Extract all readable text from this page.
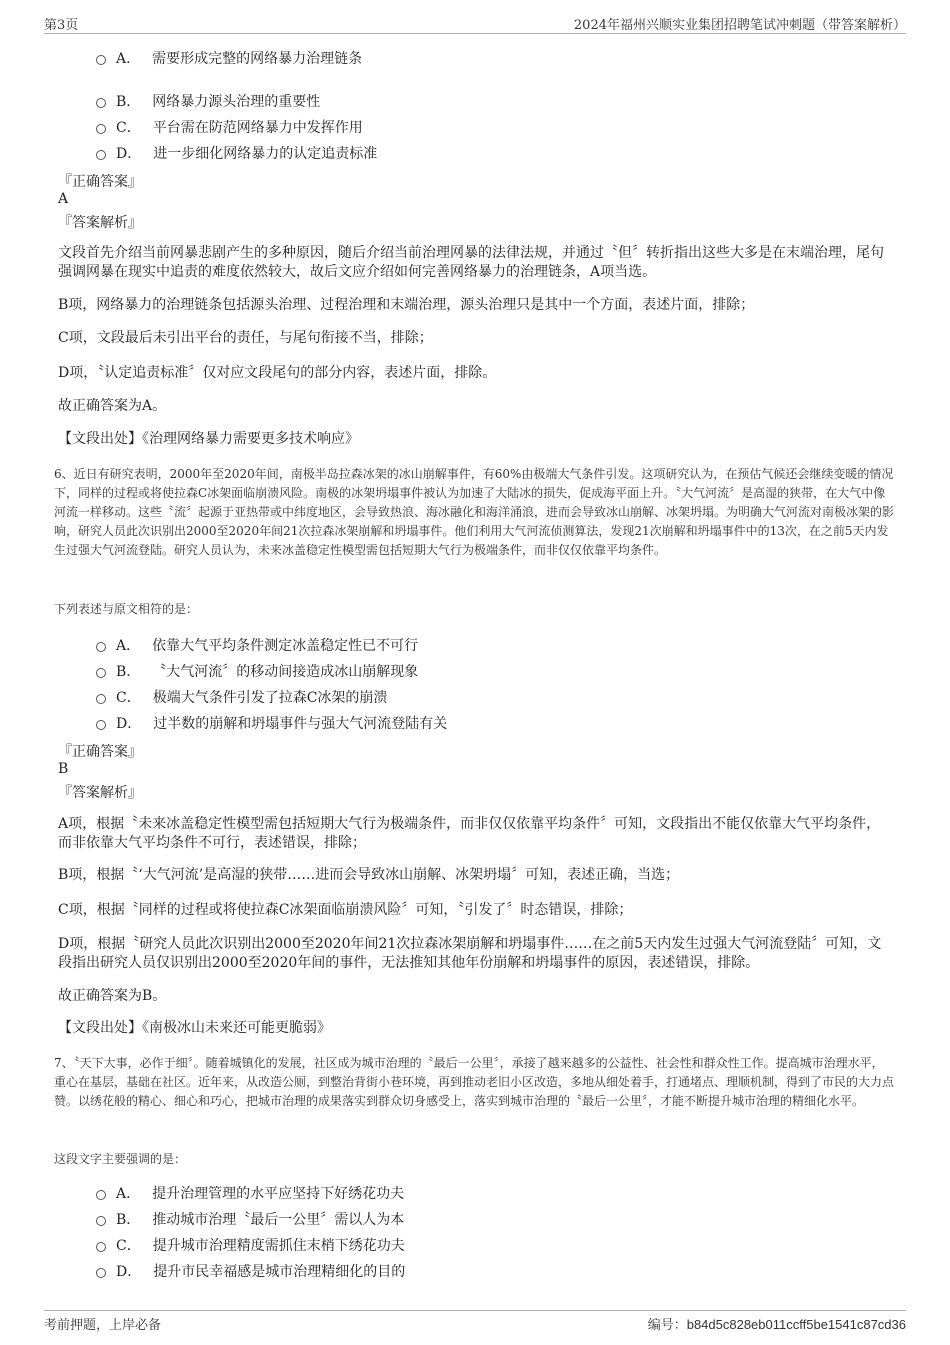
第3页	2024年福州兴顺实业集团招聘笔试冲刺题（带答案解析）
A． 需要形成完整的网络暴力治理链条
B． 网络暴力源头治理的重要性
C． 平台需在防范网络暴力中发挥作用
D． 进一步细化网络暴力的认定追责标准
『正确答案』
A
『答案解析』
文段首先介绍当前网暴悲剧产生的多种原因，随后介绍当前治理网暴的法律法规，并通过〝但〞转折指出这些大多是在末端治理，尾句强调网暴在现实中追责的难度依然较大，故后文应介绍如何完善网络暴力的治理链条，A项当选。
B项，网络暴力的治理链条包括源头治理、过程治理和末端治理，源头治理只是其中一个方面，表述片面，排除；
C项，文段最后未引出平台的责任，与尾句衔接不当，排除；
D项，〝认定追责标准〞仅对应文段尾句的部分内容，表述片面，排除。
故正确答案为A。
【文段出处】《治理网络暴力需要更多技术响应》
6、近日有研究表明，2000年至2020年间，南极半岛拉森冰架的冰山崩解事件，有60%由极端大气条件引发。这项研究认为，在预估气候还会继续变暖的情况下，同样的过程或将使拉森C冰架面临崩溃风险。南极的冰架坍塌事件被认为加速了大陆冰的损失，促成海平面上升。〝大气河流〞是高湿的狭带，在大气中像河流一样移动。这些〝流〞起源于亚热带或中纬度地区，会导致热浪、海冰融化和海洋涌浪，进而会导致冰山崩解、冰架坍塌。为明确大气河流对南极冰架的影响，研究人员此次识别出2000至2020年间21次拉森冰架崩解和坍塌事件。他们利用大气河流侦测算法，发现21次崩解和坍塌事件中的13次，在之前5天内发生过强大气河流登陆。研究人员认为，未来冰盖稳定性模型需包括短期大气行为极端条件，而非仅仅依靠平均条件。
下列表述与原文相符的是：
A． 依靠大气平均条件测定冰盖稳定性已不可行
B． 〝大气河流〞的移动间接造成冰山崩解现象
C． 极端大气条件引发了拉森C冰架的崩溃
D． 过半数的崩解和坍塌事件与强大气河流登陆有关
『正确答案』
B
『答案解析』
A项，根据〝未来冰盖稳定性模型需包括短期大气行为极端条件，而非仅仅依靠平均条件〞可知，文段指出不能仅依靠大气平均条件，而非依靠大气平均条件不可行，表述错误，排除；
B项，根据〝‘大气河流’是高湿的狭带……进而会导致冰山崩解、冰架坍塌〞可知，表述正确，当选；
C项，根据〝同样的过程或将使拉森C冰架面临崩溃风险〞可知，〝引发了〞时态错误，排除；
D项，根据〝研究人员此次识别出2000至2020年间21次拉森冰架崩解和坍塌事件……在之前5天内发生过强大气河流登陆〞可知，文段指出研究人员仅识别出2000至2020年间的事件，无法推知其他年份崩解和坍塌事件的原因，表述错误，排除。
故正确答案为B。
【文段出处】《南极冰山未来还可能更脆弱》
7、〝天下大事，必作于细〞。随着城镇化的发展，社区成为城市治理的〝最后一公里〞，承接了越来越多的公益性、社会性和群众性工作。提高城市治理水平，重心在基层，基础在社区。近年来，从改造公厕，到整治背街小巷环境，再到推动老旧小区改造，多地从细处着手，打通堵点、理顺机制，得到了市民的大力点赞。以绣花般的精心、细心和巧心，把城市治理的成果落实到群众切身感受上，落实到城市治理的〝最后一公里〞，才能不断提升城市治理的精细化水平。
这段文字主要强调的是：
A． 提升治理管理的水平应坚持下好绣花功夫
B． 推动城市治理〝最后一公里〞需以人为本
C． 提升城市治理精度需抓住末梢下绣花功夫
D． 提升市民幸福感是城市治理精细化的目的
考前押题，上岸必备	编号：b84d5c828eb011ccff5be1541c87cd36
